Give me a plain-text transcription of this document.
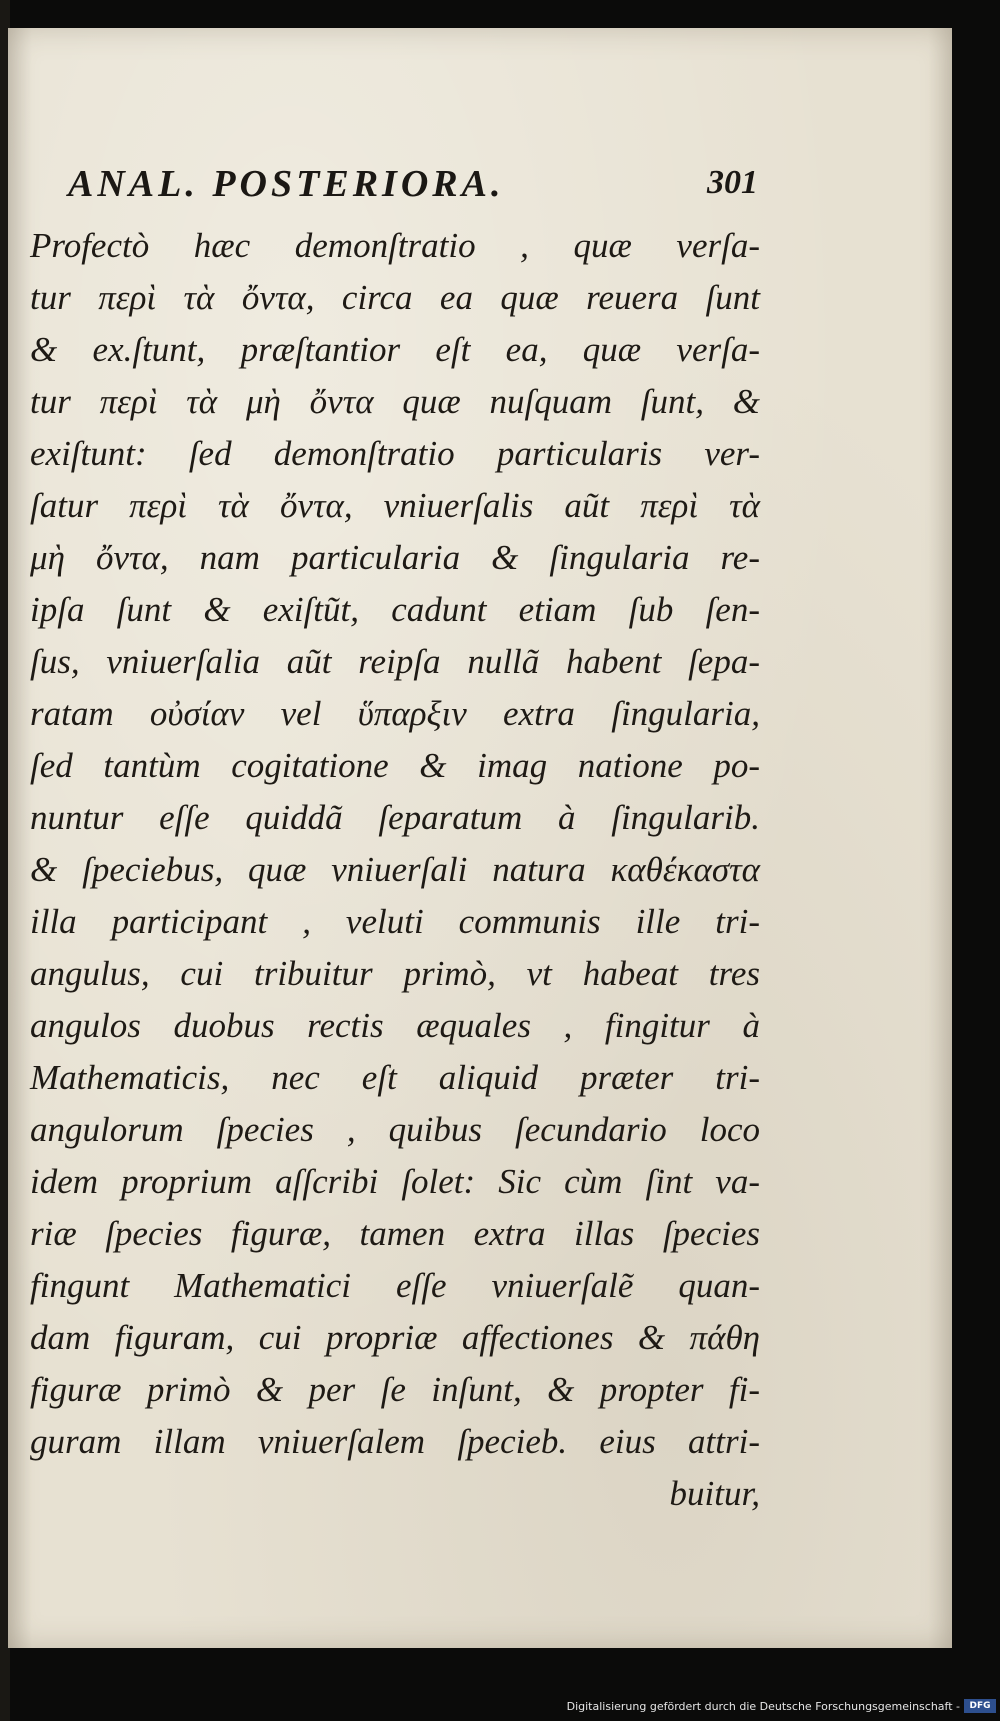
ANAL. POSTERIORA.	301
Profectò hæc demonſtratio , quæ verſa-
tur περὶ τὰ ὄντα, circa ea quæ reuera ſunt
& ex.ſtunt, præſtantior eſt ea, quæ verſa-
tur περὶ τὰ μὴ ὄντα quæ nuſquam ſunt, &
exiſtunt: ſed demonſtratio particularis ver-
ſatur περὶ τὰ ὄντα, vniuerſalis aũt περὶ τὰ
μὴ ὄντα, nam particularia & ſingularia re-
ipſa ſunt & exiſtũt, cadunt etiam ſub ſen-
ſus, vniuerſalia aũt reipſa nullã habent ſepa-
ratam οὐσίαν vel ὕπαρξιν extra ſingularia,
ſed tantùm cogitatione & imag natione po-
nuntur eſſe quiddã ſeparatum à ſingularib.
& ſpeciebus, quæ vniuerſali natura καθέκαστα
illa participant , veluti communis ille tri-
angulus, cui tribuitur primò, vt habeat tres
angulos duobus rectis æquales , fingitur à
Mathematicis, nec eſt aliquid præter tri-
angulorum ſpecies , quibus ſecundario loco
idem proprium aſſcribi ſolet: Sic cùm ſint va-
riæ ſpecies figuræ, tamen extra illas ſpecies
fingunt Mathematici eſſe vniuerſalẽ quan-
dam figuram, cui propriæ affectiones & πάθη
figuræ primò & per ſe inſunt, & propter fi-
guram illam vniuerſalem ſpecieb. eius attri-
buitur,
Digitalisierung gefördert durch die Deutsche Forschungsgemeinschaft -	DFG
